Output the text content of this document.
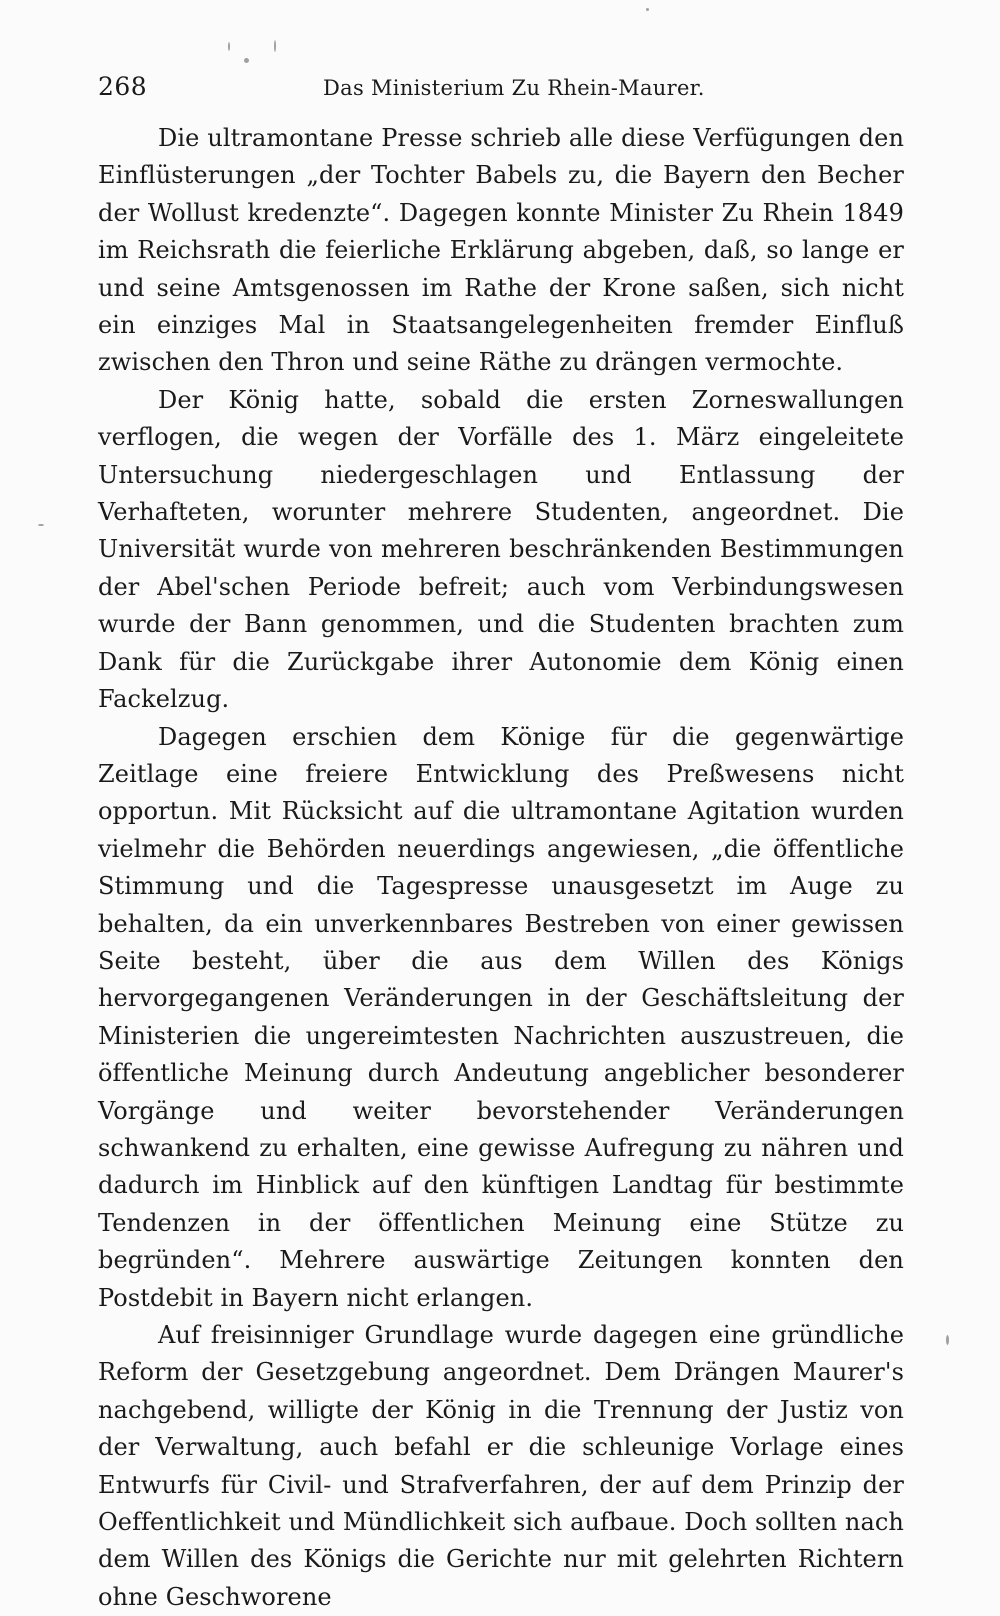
268	Das Ministerium Zu Rhein-Maurer.

Die ultramontane Presse schrieb alle diese Verfügungen den Einflüsterungen „der Tochter Babels zu, die Bayern den Becher der Wollust kredenzte“. Dagegen konnte Minister Zu Rhein 1849 im Reichsrath die feierliche Erklärung abgeben, daß, so lange er und seine Amtsgenossen im Rathe der Krone saßen, sich nicht ein einziges Mal in Staatsangelegenheiten fremder Einfluß zwischen den Thron und seine Räthe zu drängen vermochte.

Der König hatte, sobald die ersten Zorneswallungen verflogen, die wegen der Vorfälle des 1. März eingeleitete Untersuchung niedergeschlagen und Entlassung der Verhafteten, worunter mehrere Studenten, angeordnet. Die Universität wurde von mehreren beschränkenden Bestimmungen der Abel'schen Periode befreit; auch vom Verbindungswesen wurde der Bann genommen, und die Studenten brachten zum Dank für die Zurückgabe ihrer Autonomie dem König einen Fackelzug.

Dagegen erschien dem Könige für die gegenwärtige Zeitlage eine freiere Entwicklung des Preßwesens nicht opportun. Mit Rücksicht auf die ultramontane Agitation wurden vielmehr die Behörden neuerdings angewiesen, „die öffentliche Stimmung und die Tagespresse unausgesetzt im Auge zu behalten, da ein unverkennbares Bestreben von einer gewissen Seite besteht, über die aus dem Willen des Königs hervorgegangenen Veränderungen in der Geschäftsleitung der Ministerien die ungereimtesten Nachrichten auszustreuen, die öffentliche Meinung durch Andeutung angeblicher besonderer Vorgänge und weiter bevorstehender Veränderungen schwankend zu erhalten, eine gewisse Aufregung zu nähren und dadurch im Hinblick auf den künftigen Landtag für bestimmte Tendenzen in der öffentlichen Meinung eine Stütze zu begründen“. Mehrere auswärtige Zeitungen konnten den Postdebit in Bayern nicht erlangen.

Auf freisinniger Grundlage wurde dagegen eine gründliche Reform der Gesetzgebung angeordnet. Dem Drängen Maurer's nachgebend, willigte der König in die Trennung der Justiz von der Verwaltung, auch befahl er die schleunige Vorlage eines Entwurfs für Civil- und Strafverfahren, der auf dem Prinzip der Oeffentlichkeit und Mündlichkeit sich aufbaue. Doch sollten nach dem Willen des Königs die Gerichte nur mit gelehrten Richtern ohne Geschworene
